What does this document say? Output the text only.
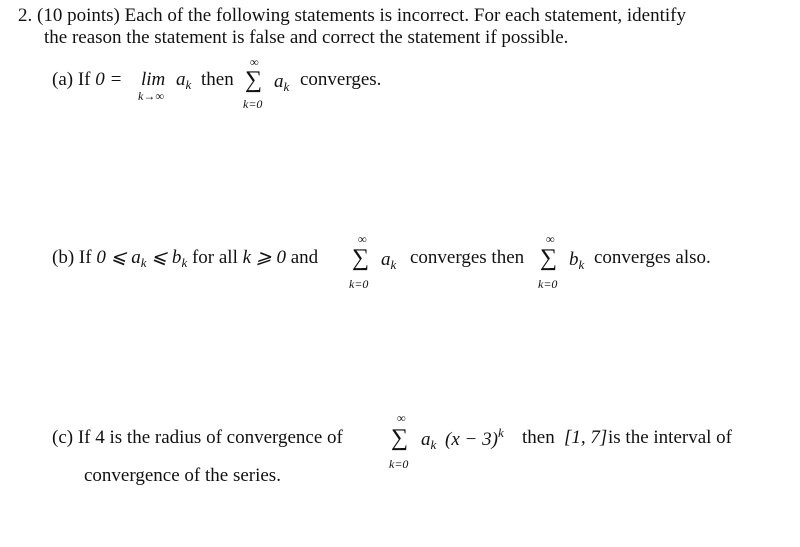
2. (10 points) Each of the following statements is incorrect. For each statement, identify
the reason the statement is false and correct the statement if possible.
(a) If 0 = lim
k→∞
$a_k$ then
∞
∑
k=0
$a_k$ converges.
(b) If 0 ⩽ $a_k$ ⩽ $b_k$ for all k ⩾ 0 and
∞
∑
k=0
$a_k$ converges then
∞
∑
k=0
$b_k$ converges also.
(c) If 4 is the radius of convergence of
∞
∑
k=0
$a_k$ $(x - 3)^k$ then [1, 7] is the interval of
convergence of the series.
